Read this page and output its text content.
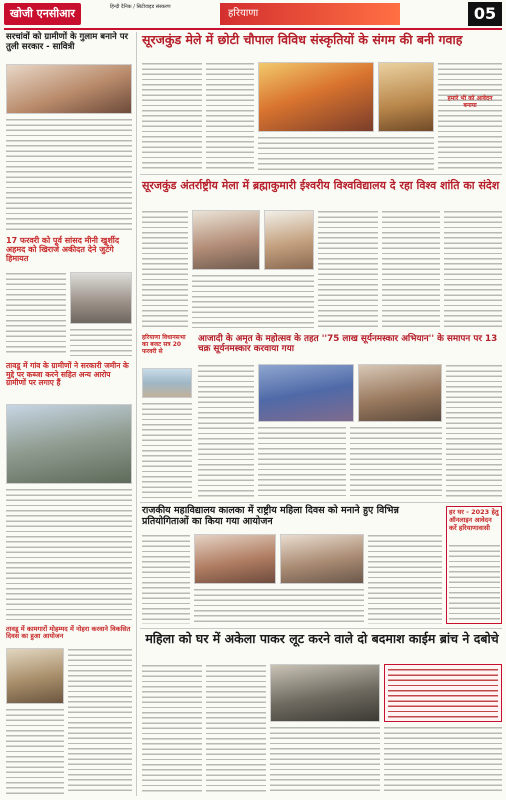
खोजी एनसीआर	हिन्दी दैनिक / सिटीवाइड संस्करण
हरियाणा	05
सरचांवों को ग्रामीणों के गुलाम बनाने पर तुली सरकार - सावित्री
17 फरवरी को पूर्व सांसद मीनी खुर्शीद अहमद को खिराजे अकीदत देने जुटेंगे हिमायत
तावडू में गांव के ग्रामीणों ने सरकारी जमीन के मुद्दे पर कब्जा करने सहित अन्य आरोप ग्रामीणों पर लगाए हैं
तावडू में कामगारों मोहम्मद में नोहरा करवाने विकसित दिवस का हुआ आयोजन
सूरजकुंड मेले में छोटी चौपाल विविध संस्कृतियों के संगम की बनी गवाह
हमारे भी को आवेदन बनाया
सूरजकुंड अंतर्राष्ट्रीय मेला में ब्रह्माकुमारी ईश्वरीय विश्वविद्यालय दे रहा विश्व शांति का संदेश
हरियाणा विधानसभा का बजट सत्र 20 फरवरी से
आजादी के अमृत के महोत्सव के तहत ''75 लाख सूर्यनमस्कार अभियान'' के समापन पर 13 चक्र सूर्यनमस्कार करवाया गया
राजकीय महाविद्यालय कालका में राष्ट्रीय महिला दिवस को मनाने हुए विभिन्न प्रतियोगिताओं का किया गया आयोजन
हर घर - 2023 हेतु ऑनलाइन आवेदन करें हरियाणावासी
महिला को घर में अकेला पाकर लूट करने वाले दो बदमाश काईम ब्रांच ने दबोचे
